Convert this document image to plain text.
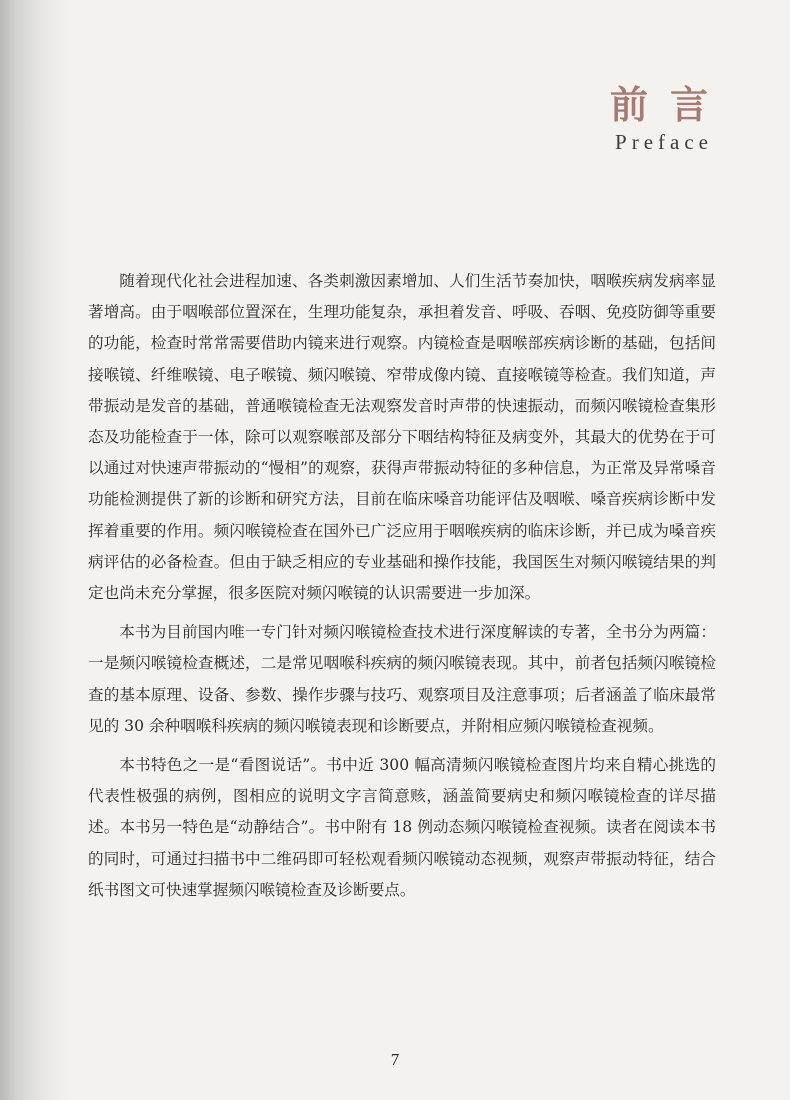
前言
Preface

随着现代化社会进程加速、各类刺激因素增加、人们生活节奏加快，咽喉疾病发病率显著增高。由于咽喉部位置深在，生理功能复杂，承担着发音、呼吸、吞咽、免疫防御等重要的功能，检查时常常需要借助内镜来进行观察。内镜检查是咽喉部疾病诊断的基础，包括间接喉镜、纤维喉镜、电子喉镜、频闪喉镜、窄带成像内镜、直接喉镜等检查。我们知道，声带振动是发音的基础，普通喉镜检查无法观察发音时声带的快速振动，而频闪喉镜检查集形态及功能检查于一体，除可以观察喉部及部分下咽结构特征及病变外，其最大的优势在于可以通过对快速声带振动的“慢相”的观察，获得声带振动特征的多种信息，为正常及异常嗓音功能检测提供了新的诊断和研究方法，目前在临床嗓音功能评估及咽喉、嗓音疾病诊断中发挥着重要的作用。频闪喉镜检查在国外已广泛应用于咽喉疾病的临床诊断，并已成为嗓音疾病评估的必备检查。但由于缺乏相应的专业基础和操作技能，我国医生对频闪喉镜结果的判定也尚未充分掌握，很多医院对频闪喉镜的认识需要进一步加深。

本书为目前国内唯一专门针对频闪喉镜检查技术进行深度解读的专著，全书分为两篇：一是频闪喉镜检查概述，二是常见咽喉科疾病的频闪喉镜表现。其中，前者包括频闪喉镜检查的基本原理、设备、参数、操作步骤与技巧、观察项目及注意事项；后者涵盖了临床最常见的 30 余种咽喉科疾病的频闪喉镜表现和诊断要点，并附相应频闪喉镜检查视频。

本书特色之一是“看图说话”。书中近 300 幅高清频闪喉镜检查图片均来自精心挑选的代表性极强的病例，图相应的说明文字言简意赅，涵盖简要病史和频闪喉镜检查的详尽描述。本书另一特色是“动静结合”。书中附有 18 例动态频闪喉镜检查视频。读者在阅读本书的同时，可通过扫描书中二维码即可轻松观看频闪喉镜动态视频，观察声带振动特征，结合纸书图文可快速掌握频闪喉镜检查及诊断要点。

7
